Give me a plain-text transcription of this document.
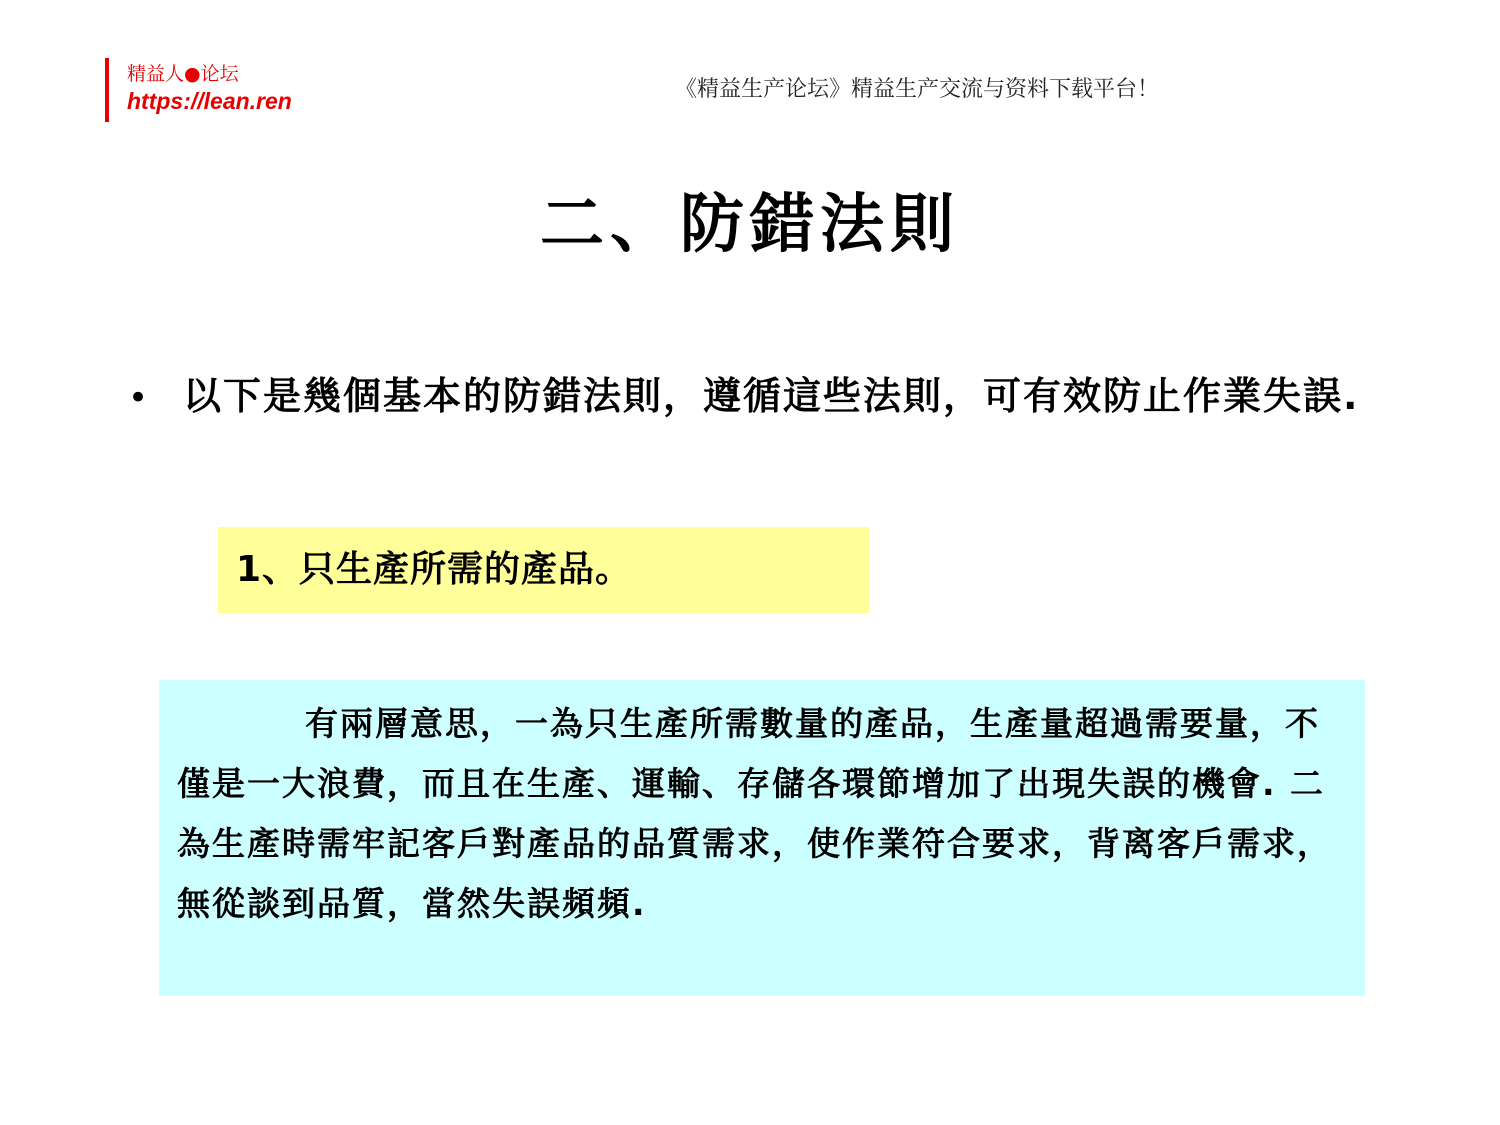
精益人●论坛
https://lean.ren	《精益生产论坛》精益生产交流与资料下载平台！
二、防錯法則
• 以下是幾個基本的防錯法則，遵循這些法則，可有效防止作業失誤.
1、只生產所需的產品。

有兩層意思，一為只生產所需數量的產品，生產量超過需要量，不僅是一大浪費，而且在生產、運輸、存儲各環節增加了出現失誤的機會. 二為生產時需牢記客戶對產品的品質需求，使作業符合要求，背离客戶需求，無從談到品質，當然失誤頻頻.
